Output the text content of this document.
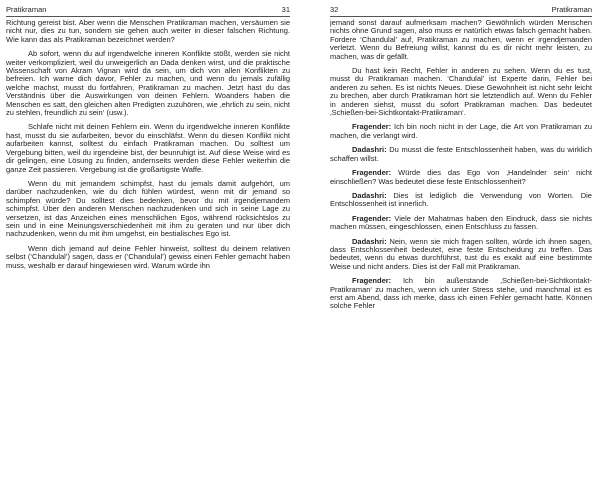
Pratikraman	31

Richtung gereist bist. Aber wenn die Menschen Pratikraman machen, versäumen sie nicht nur, dies zu tun, sondern sie gehen auch weiter in dieser falschen Richtung. Wie kann das als Pratikraman bezeichnet werden?

Ab sofort, wenn du auf irgendwelche inneren Konflikte stößt, werden sie nicht weiter verkompliziert, weil du unweigerlich an Dada denken wirst, und die praktische Wissenschaft von Akram Vignan wird da sein, um dich von allen Konflikten zu befreien. Ich warne dich davor, Fehler zu machen, und wenn du jemals zufällig welche machst, musst du fortfahren, Pratikraman zu machen. Jetzt hast du das Verständnis über die Auswirkungen von deinen Fehlern. Woanders haben die Menschen es satt, den gleichen alten Predigten zuzuhören, wie ‚ehrlich zu sein, nicht zu stehlen, freundlich zu sein‘ (usw.).

Schlafe nicht mit deinen Fehlern ein. Wenn du irgendwelche inneren Konflikte hast, musst du sie aufarbeiten, bevor du einschläfst. Wenn du diesen Konflikt nicht aufarbeiten kannst, solltest du einfach Pratikraman machen. Du solltest um Vergebung bitten, weil du irgendeine bist, der beunruhigt ist. Auf diese Weise wird es dir gelingen, eine Lösung zu finden, andernseits werden diese Fehler weiterhin die ganze Zeit passieren. Vergebung ist die großartigste Waffe.

Wenn du mit jemandem schimpfst, hast du jemals damit aufgehört, um darüber nachzudenken, wie du dich fühlen würdest, wenn mit dir jemand so schimpfen würde? Du solltest dies bedenken, bevor du mit irgendjemandem schimpfst. Über den anderen Menschen nachzudenken und sich in seine Lage zu versetzen, ist das Anzeichen eines menschlichen Egos, während rücksichtslos zu sein und in eine Meinungsverschiedenheit mit ihm zu geraten und nur über dich nachzudenken, wenn du mit ihm umgehst, ein bestialisches Ego ist.

Wenn dich jemand auf deine Fehler hinweist, solltest du deinem relativen selbst (‘Chandulal’) sagen, dass er (‘Chandulal’) gewiss einen Fehler gemacht haben muss, weshalb er darauf hingewiesen wird. Warum würde ihn

32	Pratikraman

jemand sonst darauf aufmerksam machen? Gewöhnlich würden Menschen nichts ohne Grund sagen, also muss er natürlich etwas falsch gemacht haben. Fordere ‘Chandulal’ auf, Pratikraman zu machen, wenn er irgendjemanden verletzt. Wenn du Befreiung willst, kannst du es dir nicht mehr leisten, zu machen, was dir gefällt.

Du hast kein Recht, Fehler in anderen zu sehen. Wenn du es tust, musst du Pratikraman machen. ‘Chandulal’ ist Experte darin, Fehler bei anderen zu sehen. Es ist nichts Neues. Diese Gewohnheit ist nicht sehr leicht zu brechen, aber durch Pratikraman hört sie letztendlich auf. Wenn du Fehler in anderen siehst, musst du sofort Pratikraman machen. Das bedeutet ‚Schießen-bei-Sichtkontakt-Pratikraman‘.

Fragender: Ich bin noch nicht in der Lage, die Art von Pratikraman zu machen, die verlangt wird.

Dadashri: Du musst die feste Entschlossenheit haben, was du wirklich schaffen willst.

Fragender: Würde dies das Ego von ‚Handelnder sein‘ nicht einschließen? Was bedeutet diese feste Entschlossenheit?

Dadashri: Dies ist lediglich die Verwendung von Worten. Die Entschlossenheit ist innerlich.

Fragender: Viele der Mahatmas haben den Eindruck, dass sie nichts machen müssen, eingeschlossen, einen Entschluss zu fassen.

Dadashri: Nein, wenn sie mich fragen sollten, würde ich ihnen sagen, dass Entschlossenheit bedeutet, eine feste Entscheidung zu treffen. Das bedeutet, wenn du etwas durchführst, tust du es exakt auf eine bestimmte Weise und nicht anders. Dies ist der Fall mit Pratikraman.

Fragender: Ich bin außerstande ‚Schießen-bei-Sichtkontakt-Pratikraman‘ zu machen, wenn ich unter Stress stehe, und manchmal ist es erst am Abend, dass ich merke, dass ich einen Fehler gemacht hatte. Können solche Fehler
